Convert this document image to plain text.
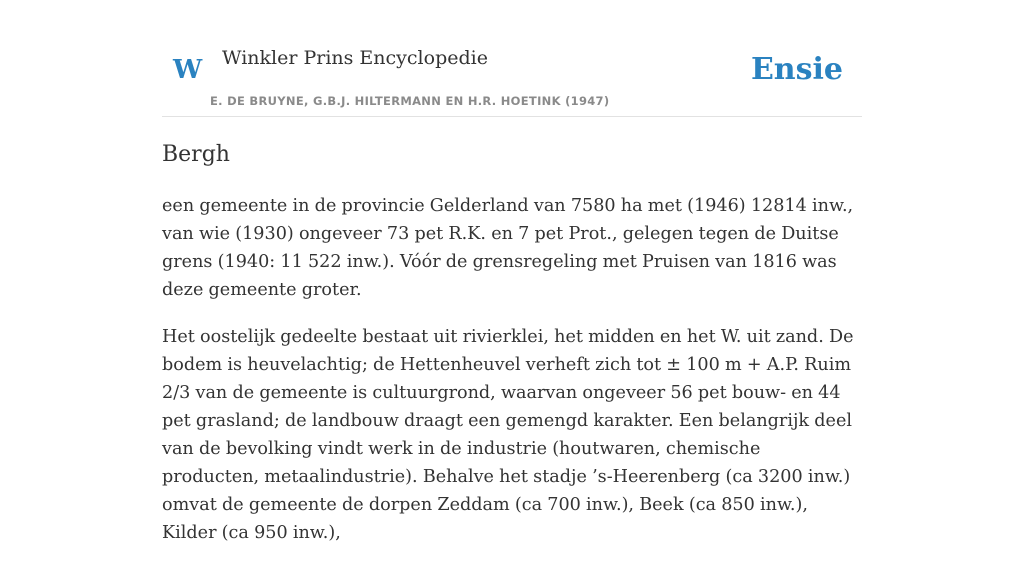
W Winkler Prins Encyclopedie
E. DE BRUYNE, G.B.J. HILTERMANN EN H.R. HOETINK (1947)
Ensie
Bergh

een gemeente in de provincie Gelderland van 7580 ha met (1946) 12814 inw., van wie (1930) ongeveer 73 pet R.K. en 7 pet Prot., gelegen tegen de Duitse grens (1940: 11 522 inw.). Vóór de grensregeling met Pruisen van 1816 was deze gemeente groter.

Het oostelijk gedeelte bestaat uit rivierklei, het midden en het W. uit zand. De bodem is heuvelachtig; de Hettenheuvel verheft zich tot ± 100 m + A.P. Ruim 2/3 van de gemeente is cultuurgrond, waarvan ongeveer 56 pet bouw- en 44 pet grasland; de landbouw draagt een gemengd karakter. Een belangrijk deel van de bevolking vindt werk in de industrie (houtwaren, chemische producten, metaalindustrie). Behalve het stadje ’s-Heerenberg (ca 3200 inw.) omvat de gemeente de dorpen Zeddam (ca 700 inw.), Beek (ca 850 inw.), Kilder (ca 950 inw.),
